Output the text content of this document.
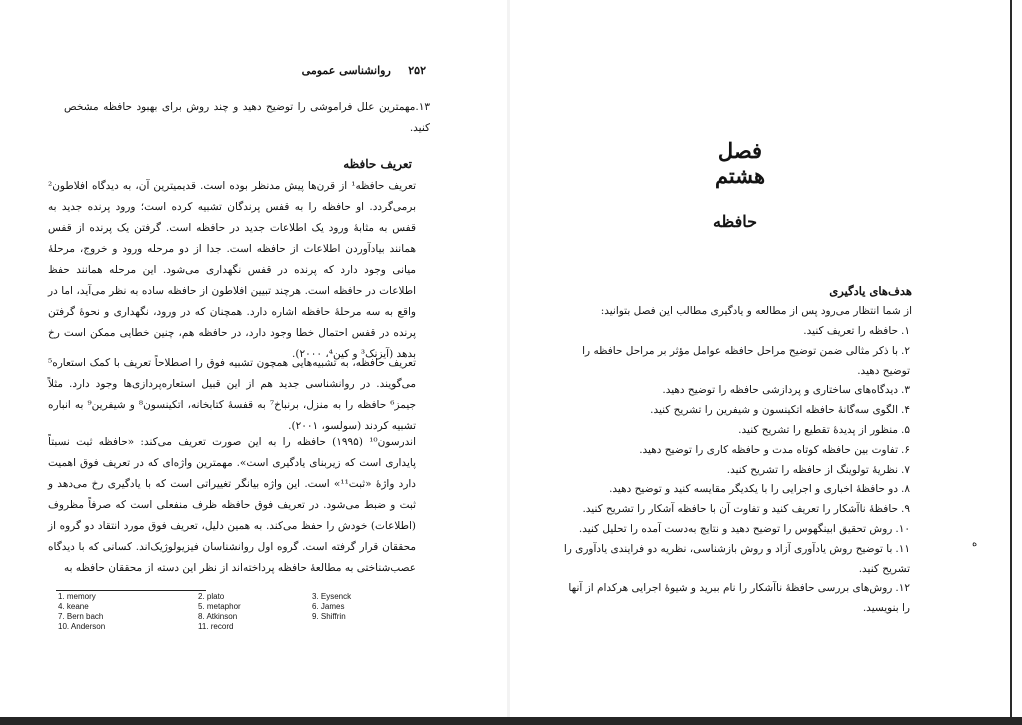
۲۵۲ روانشناسی عمومی
۱۳.مهمترین علل فراموشی را توضیح دهید و چند روش برای بهبود حافظه مشخص کنید.
تعریف حافظه
تعریف حافظه¹ از قرن‌ها پیش مدنظر بوده است. قدیمیترین آن، به دیدگاه افلاطون² برمی‌گردد. او حافظه را به قفس پرندگان تشبیه کرده است؛ ورود پرنده جدید به قفس به مثابهٔ ورود یک اطلاعات جدید در حافظه است. گرفتن یک پرنده از قفس همانند بیادآوردن اطلاعات از حافظه است. جدا از دو مرحله ورود و خروج، مرحلهٔ میانی وجود دارد که پرنده در قفس نگهداری می‌شود. این مرحله همانند حفظ اطلاعات در حافظه است. هرچند تبیین افلاطون از حافظه ساده به نظر می‌آید، اما در واقع به سه مرحلهٔ حافظه اشاره دارد. همچنان که در ورود، نگهداری و نحوهٔ گرفتن پرنده در قفس احتمال خطا وجود دارد، در حافظه هم، چنین خطایی ممکن است رخ بدهد (آیزنک³ و کین⁴، ۲۰۰۰).
تعریف حافظه، به تشبیه‌هایی همچون تشبیه فوق را اصطلاحاً تعریف با کمک استعاره⁵ می‌گویند. در روانشناسی جدید هم از این قبیل استعاره‌پردازی‌ها وجود دارد. مثلاً جیمز⁶ حافظه را به منزل، برنباخ⁷ به قفسهٔ کتابخانه، اتکینسون⁸ و شیفرین⁹ به انباره تشبیه کردند (سولسو، ۲۰۰۱).
اندرسون¹⁰ (۱۹۹۵) حافظه را به این صورت تعریف می‌کند: «حافظه ثبت نسبتاً پایداری است که زیربنای یادگیری است». مهمترین واژه‌ای که در تعریف فوق اهمیت دارد واژهٔ «ثبت¹¹» است. این واژه بیانگر تغییراتی است که با یادگیری رخ می‌دهد و ثبت و ضبط می‌شود. در تعریف فوق حافظه ظرف منفعلی است که صرفاً مظروف (اطلاعات) خودش را حفظ می‌کند. به همین دلیل، تعریف فوق مورد انتقاد دو گروه از محققان قرار گرفته است. گروه اول روانشناسان فیزیولوژیک‌اند. کسانی که با دیدگاه عصب‌شناختی به مطالعهٔ حافظه پرداخته‌اند از نظر این دسته از محققان حافظه به
1. memory
4. keane
7. Bern bach
10. Anderson
2. plato
5. metaphor
8. Atkinson
11. record
3. Eysenck
6. James
9. Shiffrin
فصل هشتم
حافظه
هدف‌های یادگیری
از شما انتظار می‌رود پس از مطالعه و یادگیری مطالب این فصل بتوانید:
۱.حافظه را تعریف کنید.
۲.با ذکر مثالی ضمن توضیح مراحل حافظه عوامل مؤثر بر مراحل حافظه را توضیح دهید.
۳.دیدگاه‌های ساختاری و پردازشی حافظه را توضیح دهید.
۴.الگوی سه‌گانهٔ حافظه اتکینسون و شیفرین را تشریح کنید.
۵.منظور از پدیدهٔ تقطیع را تشریح کنید.
۶.تفاوت بین حافظه کوتاه مدت و حافظه کاری را توضیح دهید.
۷.نظریهٔ تولوینگ از حافظه را تشریح کنید.
۸.دو حافظهٔ اخباری و اجرایی را با یکدیگر مقایسه کنید و توضیح دهید.
۹.حافظهٔ ناآشکار را تعریف کنید و تفاوت آن با حافظه آشکار را تشریح کنید.
۱۰.روش تحقیق ابینگهوس را توضیح دهید و نتایج به‌دست آمده را تحلیل کنید.
۱۱.با توضیح روش یادآوری آزاد و روش بازشناسی، نظریه دو فرایندی یادآوری را تشریح کنید.
۱۲.روش‌های بررسی حافظهٔ ناآشکار را نام ببرید و شیوهٔ اجرایی هرکدام از آنها را بنویسید.
ه
